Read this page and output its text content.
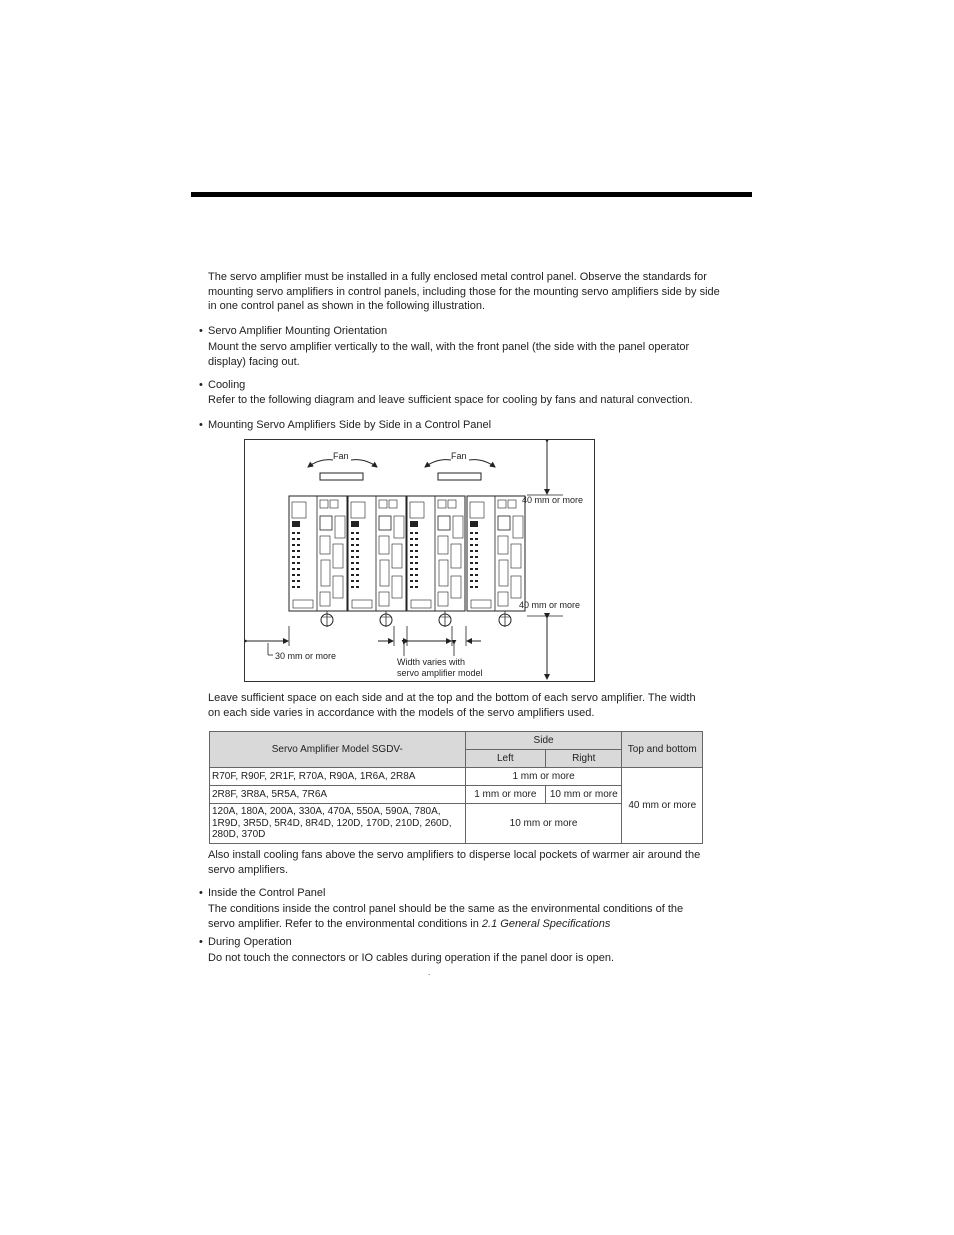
The servo amplifier must be installed in a fully enclosed metal control panel. Observe the standards for mounting servo amplifiers in control panels, including those for the mounting servo amplifiers side by side in one control panel as shown in the following illustration.

• Servo Amplifier Mounting Orientation

Mount the servo amplifier vertically to the wall, with the front panel (the side with the panel operator display) facing out.

• Cooling

Refer to the following diagram and leave sufficient space for cooling by fans and natural convection.

• Mounting Servo Amplifiers Side by Side in a Control Panel
Fan	Fan
40 mm or more
40 mm or more
30 mm or more
Width varies with
servo amplifier model

Leave sufficient space on each side and at the top and the bottom of each servo amplifier. The width on each side varies in accordance with the models of the servo amplifiers used.

Servo Amplifier Model SGDV-	Side		Top and bottom
	Left	Right	
R70F, R90F, 2R1F, R70A, R90A, 1R6A, 2R8A	1 mm or more		40 mm or more
2R8F, 3R8A, 5R5A, 7R6A	1 mm or more	10 mm or more	
120A, 180A, 200A, 330A, 470A, 550A, 590A, 780A, 1R9D, 3R5D, 5R4D, 8R4D, 120D, 170D, 210D, 260D, 280D, 370D	10 mm or more		

Also install cooling fans above the servo amplifiers to disperse local pockets of warmer air around the servo amplifiers.

• Inside the Control Panel

The conditions inside the control panel should be the same as the environmental conditions of the servo amplifier. Refer to the environmental conditions in 2.1 General Specifications

• During Operation

Do not touch the connectors or IO cables during operation if the panel door is open.

.
